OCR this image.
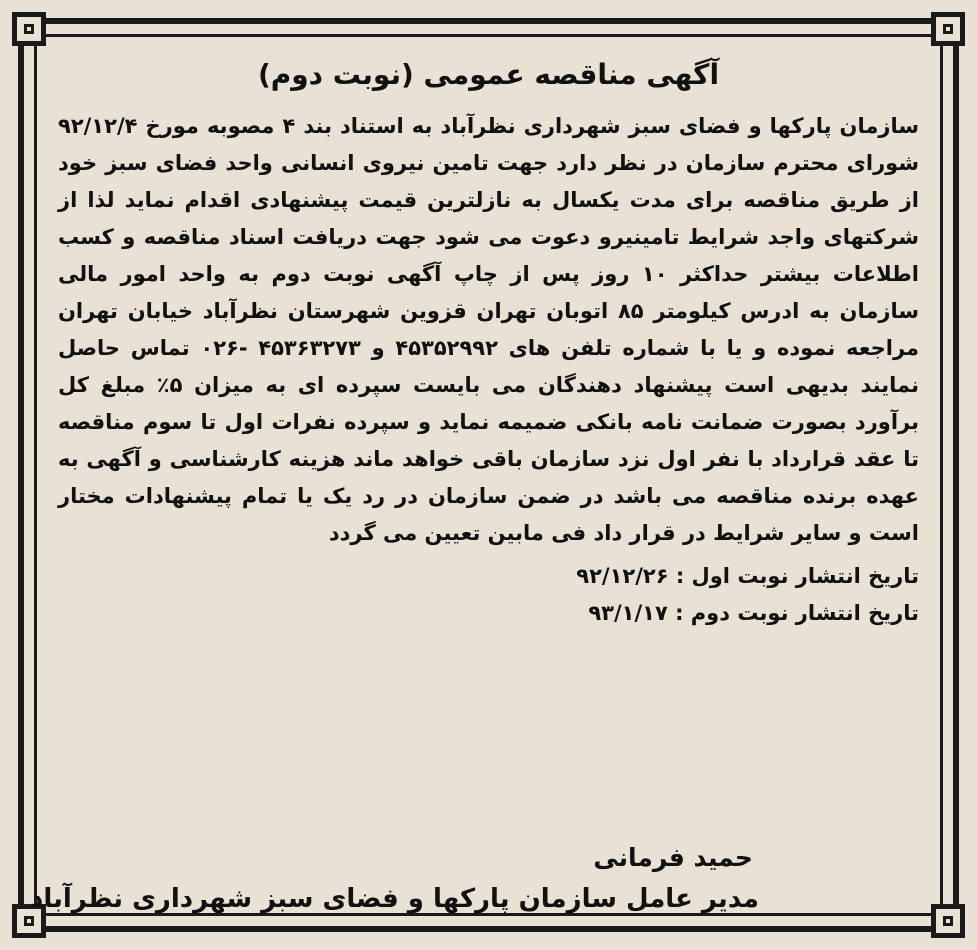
آگهی مناقصه عمومی (نوبت دوم)

سازمان پارکها و فضای سبز شهرداری نظرآباد به استناد بند ۴ مصوبه مورخ ۹۲/۱۲/۴ شورای محترم سازمان در نظر دارد جهت تامین نیروی انسانی واحد فضای سبز خود از طریق مناقصه برای مدت یکسال به نازلترین قیمت پیشنهادی اقدام نماید لذا از شرکتهای واجد شرایط تامینیرو دعوت می شود جهت دریافت اسناد مناقصه و کسب اطلاعات بیشتر حداکثر ۱۰ روز پس از چاپ آگهی نوبت دوم به واحد امور مالی سازمان به ادرس کیلومتر ۸۵ اتوبان تهران قزوین شهرستان نظرآباد خیابان تهران مراجعه نموده و یا با شماره تلفن های ۴۵۳۵۲۹۹۲ و ۴۵۳۶۳۲۷۳ -۰۲۶ تماس حاصل نمایند بدیهی است پیشنهاد دهندگان می بایست سپرده ای به میزان ۵٪ مبلغ کل برآورد بصورت ضمانت نامه بانکی ضمیمه نماید و سپرده نفرات اول تا سوم مناقصه تا عقد قرارداد با نفر اول نزد سازمان باقی خواهد ماند هزینه کارشناسی و آگهی به عهده برنده مناقصه می باشد در ضمن سازمان در رد یک یا تمام پیشنهادات مختار است و سایر شرایط در قرار داد فی مابین تعیین می گردد

تاریخ انتشار نوبت اول : ۹۲/۱۲/۲۶
تاریخ انتشار نوبت دوم : ۹۳/۱/۱۷
حمید فرمانی
مدیر عامل سازمان پارکها و فضای سبز شهرداری نظرآباد
